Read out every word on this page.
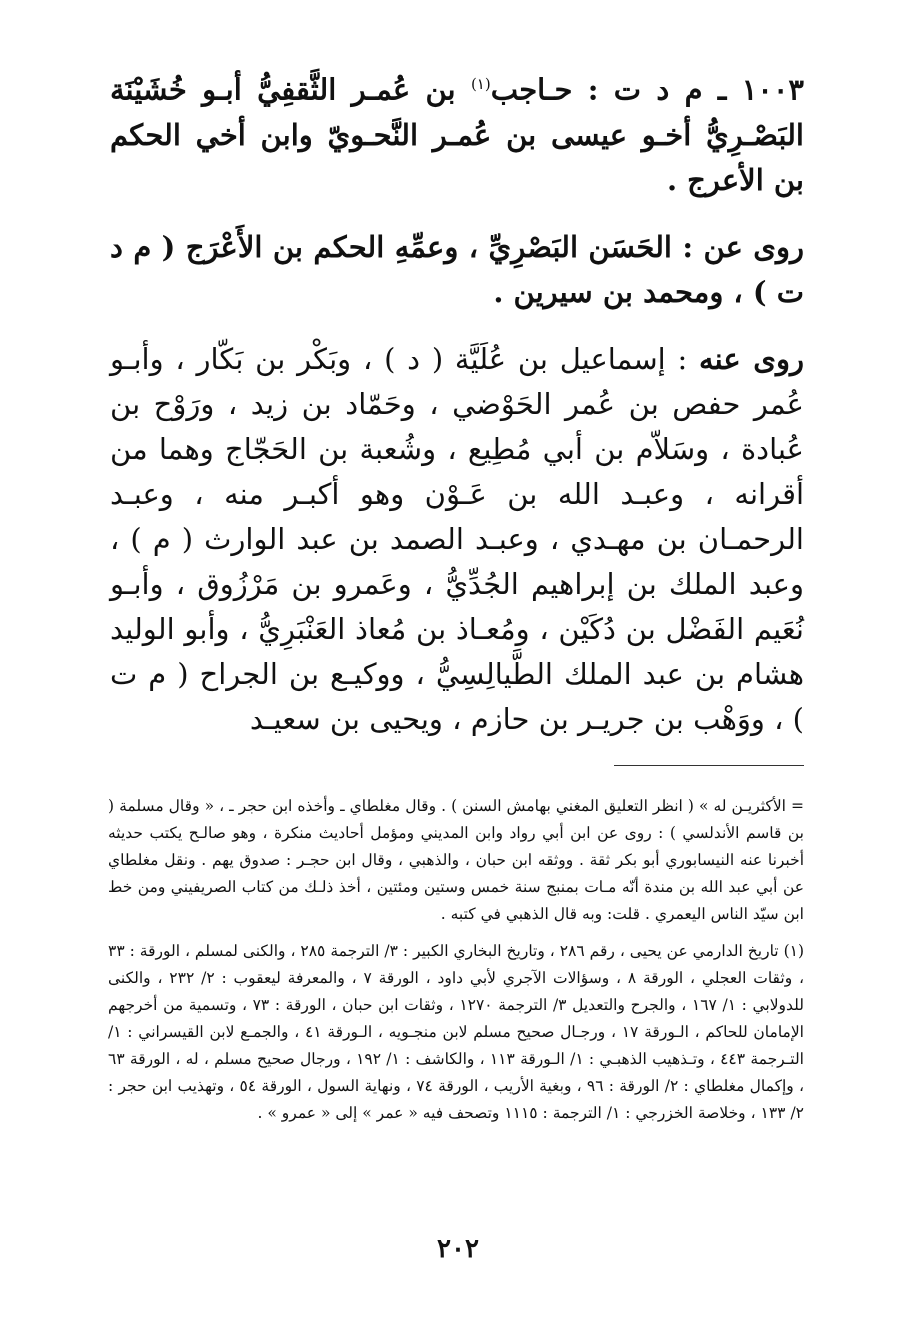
١٠٠٣ ـ م د ت : حـاجب$^{(١)}$ بن عُمـر الثَّقفِيُّ أبـو خُشَيْنَة البَصْـرِيُّ أخـو عيسى بن عُمـر النَّحـويّ وابن أخي الحكم بن الأعرج .

روى عن : الحَسَن البَصْرِيِّ ، وعمِّهِ الحكم بن الأَعْرَج ( م د ت ) ، ومحمد بن سيرين .

روى عنه : إسماعيل بن عُلَيَّة ( د ) ، وبَكْر بن بَكّار ، وأبـو عُمر حفص بن عُمر الحَوْضي ، وحَمّاد بن زيد ، ورَوْح بن عُبادة ، وسَلاّم بن أبي مُطِيع ، وشُعبة بن الحَجّاج وهما من أقرانه ، وعبـد الله بن عَـوْن وهو أكبـر منه ، وعبـد الرحمـان بن مهـدي ، وعبـد الصمد بن عبد الوارث ( م ) ، وعبد الملك بن إبراهيم الجُدِّيُّ ، وعَمرو بن مَرْزُوق ، وأبـو نُعَيم الفَضْل بن دُكَيْن ، ومُعـاذ بن مُعاذ العَنْبَرِيُّ ، وأبو الوليد هشام بن عبد الملك الطَّيالِسِيُّ ، ووكيـع بن الجراح ( م ت ) ، ووَهْب بن جريـر بن حازم ، ويحيى بن سعيـد

= الأكثريـن له » ( انظر التعليق المغني بهامش السنن ) . وقال مغلطاي ـ وأخذه ابن حجر ـ ، « وقال مسلمة ( بن قاسم الأندلسي ) : روى عن ابن أبي رواد وابن المديني ومؤمل أحاديث منكرة ، وهو صالـح يكتب حديثه أخبرنا عنه النيسابوري أبو بكر ثقة . ووثقه ابن حبان ، والذهبي ، وقال ابن حجـر : صدوق يهم . ونقل مغلطاي عن أبي عبد الله بن مندة أنّه مـات بمنبج سنة خمس وستين ومئتين ، أخذ ذلـك من كتاب الصريفيني ومن خط ابن سيّد الناس اليعمري . قلت: وبه قال الذهبي في كتبه .

(١) تاريخ الدارمي عن يحيى ، رقم ٢٨٦ ، وتاريخ البخاري الكبير : ٣/ الترجمة ٢٨٥ ، والكنى لمسلم ، الورقة : ٣٣ ، وثقات العجلي ، الورقة ٨ ، وسؤالات الآجري لأبي داود ، الورقة ٧ ، والمعرفة ليعقوب : ٢/ ٢٣٢ ، والكنى للدولابي : ١/ ١٦٧ ، والجرح والتعديل ٣/ الترجمة ١٢٧٠ ، وثقات ابن حبان ، الورقة : ٧٣ ، وتسمية من أخرجهم الإمامان للحاكم ، الـورقة ١٧ ، ورجـال صحيح مسلم لابن منجـويه ، الـورقة ٤١ ، والجمـع لابن القيسراني : ١/ التـرجمة ٤٤٣ ، وتـذهيب الذهبـي : ١/ الـورقة ١١٣ ، والكاشف : ١/ ١٩٢ ، ورجال صحيح مسلم ، له ، الورقة ٦٣ ، وإكمال مغلطاي : ٢/ الورقة : ٩٦ ، وبغية الأريب ، الورقة ٧٤ ، ونهاية السول ، الورقة ٥٤ ، وتهذيب ابن حجر : ٢/ ١٣٣ ، وخلاصة الخزرجي : ١/ الترجمة : ١١١٥ وتصحف فيه « عمر » إلى « عمرو » .

٢٠٢
